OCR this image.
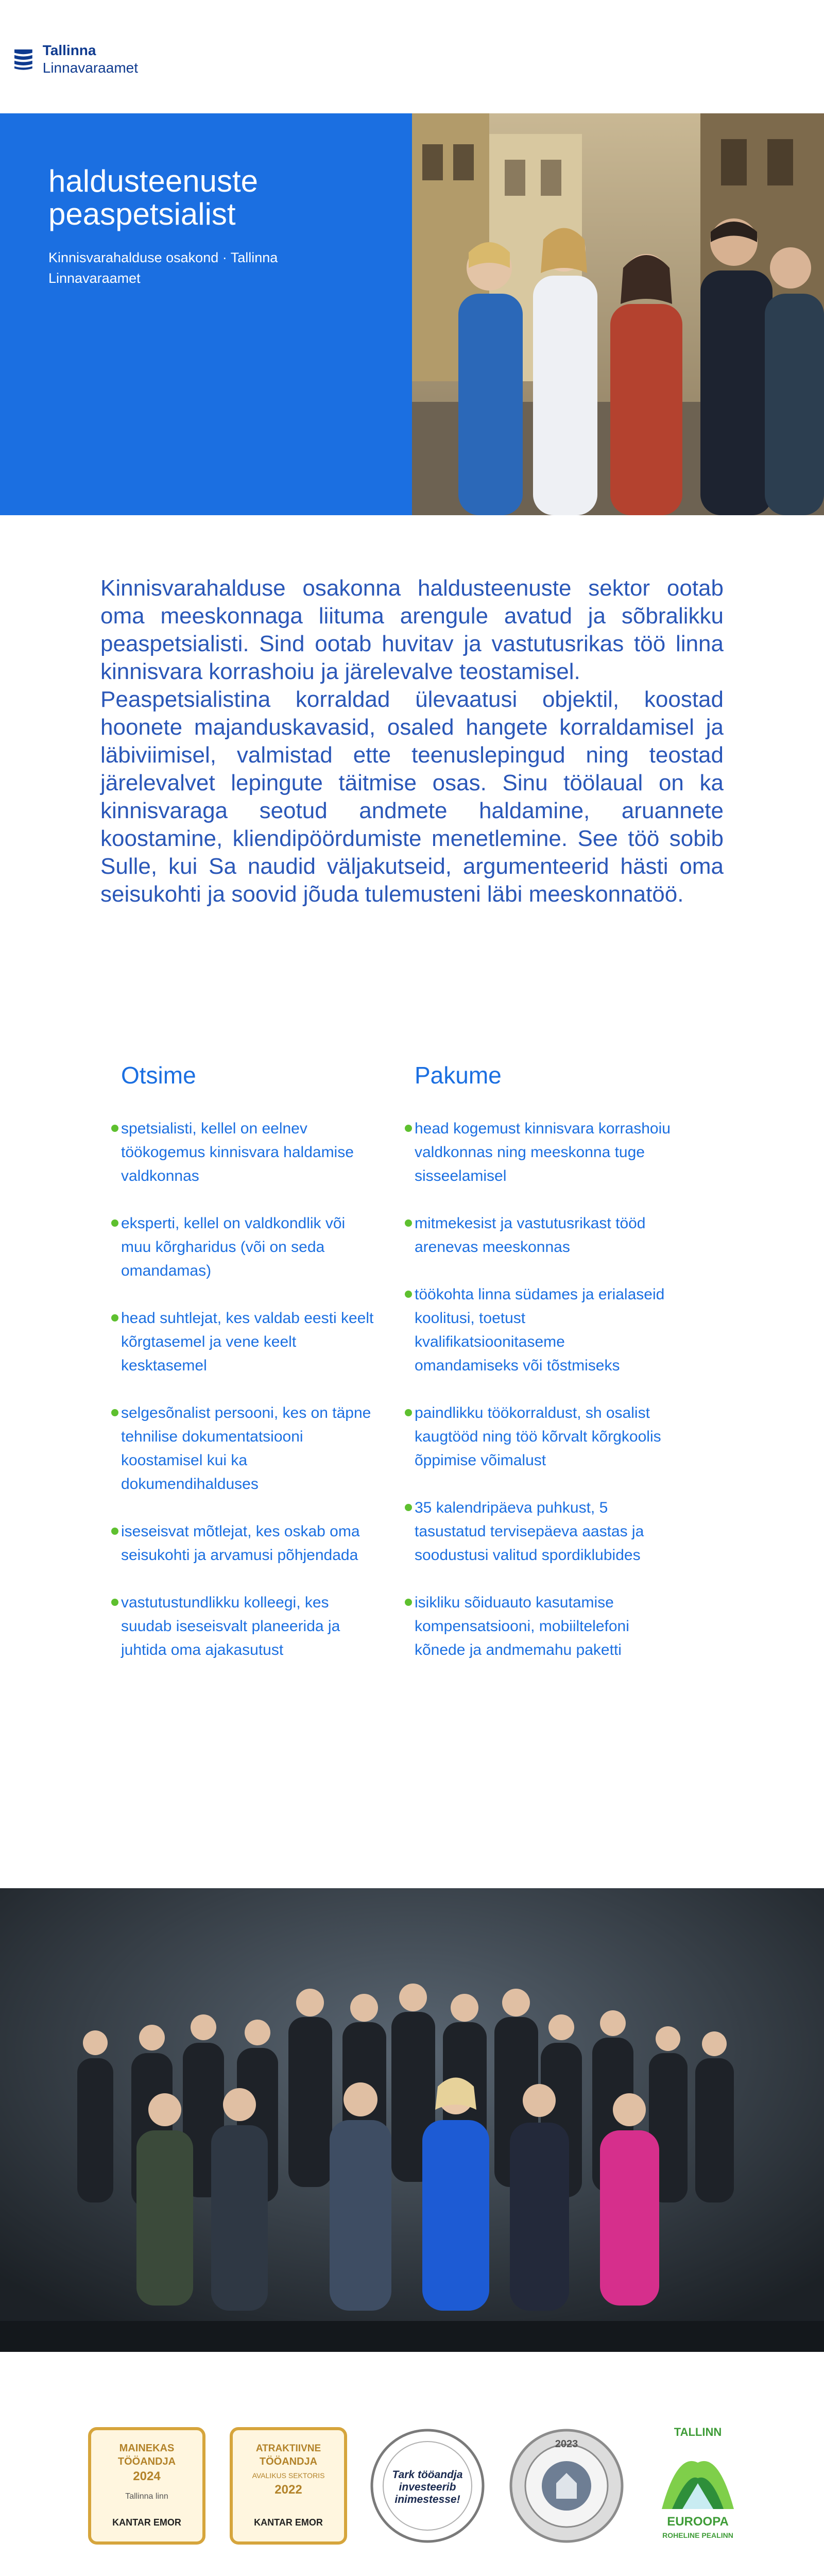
Tallinna
Linnavaraamet
haldusteenuste
peaspetsialist
Kinnisvarahalduse osakond · Tallinna Linnavaraamet

Kinnisvarahalduse osakonna haldusteenuste sektor ootab oma meeskonnaga liituma arengule avatud ja sõbralikku peaspetsialisti. Sind ootab huvitav ja vastutusrikas töö linna kinnisvara korrashoiu ja järelevalve teostamisel.

Peaspetsialistina korraldad ülevaatusi objektil, koostad hoonete majanduskavasid, osaled hangete korraldamisel ja läbiviimisel, valmistad ette teenuslepingud ning teostad järelevalvet lepingute täitmise osas. Sinu töölaual on ka kinnisvaraga seotud andmete haldamine, aruannete koostamine, kliendipöördumiste menetlemine. See töö sobib Sulle, kui Sa naudid väljakutseid, argumenteerid hästi oma seisukohti ja soovid jõuda tulemusteni läbi meeskonnatöö.

Otsime
spetsialisti, kellel on eelnev töökogemus kinnisvara haldamise valdkonnas
eksperti, kellel on valdkondlik või muu kõrgharidus (või on seda omandamas)
head suhtlejat, kes valdab eesti keelt kõrgtasemel ja vene keelt kesktasemel
selgesõnalist persooni, kes on täpne tehnilise dokumentatsiooni koostamisel kui ka dokumendihalduses
iseseisvat mõtlejat, kes oskab oma seisukohti ja arvamusi põhjendada
vastutustundlikku kolleegi, kes suudab iseseisvalt planeerida ja juhtida oma ajakasutust
Pakume
head kogemust kinnisvara korrashoiu valdkonnas ning meeskonna tuge sisseelamisel
mitmekesist ja vastutusrikast tööd arenevas meeskonnas
töökohta linna südames ja erialaseid koolitusi, toetust kvalifikatsioonitaseme omandamiseks või tõstmiseks
paindlikku töökorraldust, sh osalist kaugtööd ning töö kõrvalt kõrgkoolis õppimise võimalust
35 kalendripäeva puhkust, 5 tasustatud tervisepäeva aastas ja soodustusi valitud spordiklubides
isikliku sõiduauto kasutamise kompensatsiooni, mobiiltelefoni kõnede ja andmemahu paketti
MAINEKAS
TÖÖANDJA
2024
Tallinna linn
KANTAR EMOR
ATRAKTIIVNE
TÖÖANDJA
AVALIKUS SEKTORIS
2022
KANTAR EMOR
Tark tööandja
investeerib
inimestesse!
2023
TALLINN
EUROOPA
ROHELINE PEALINN
